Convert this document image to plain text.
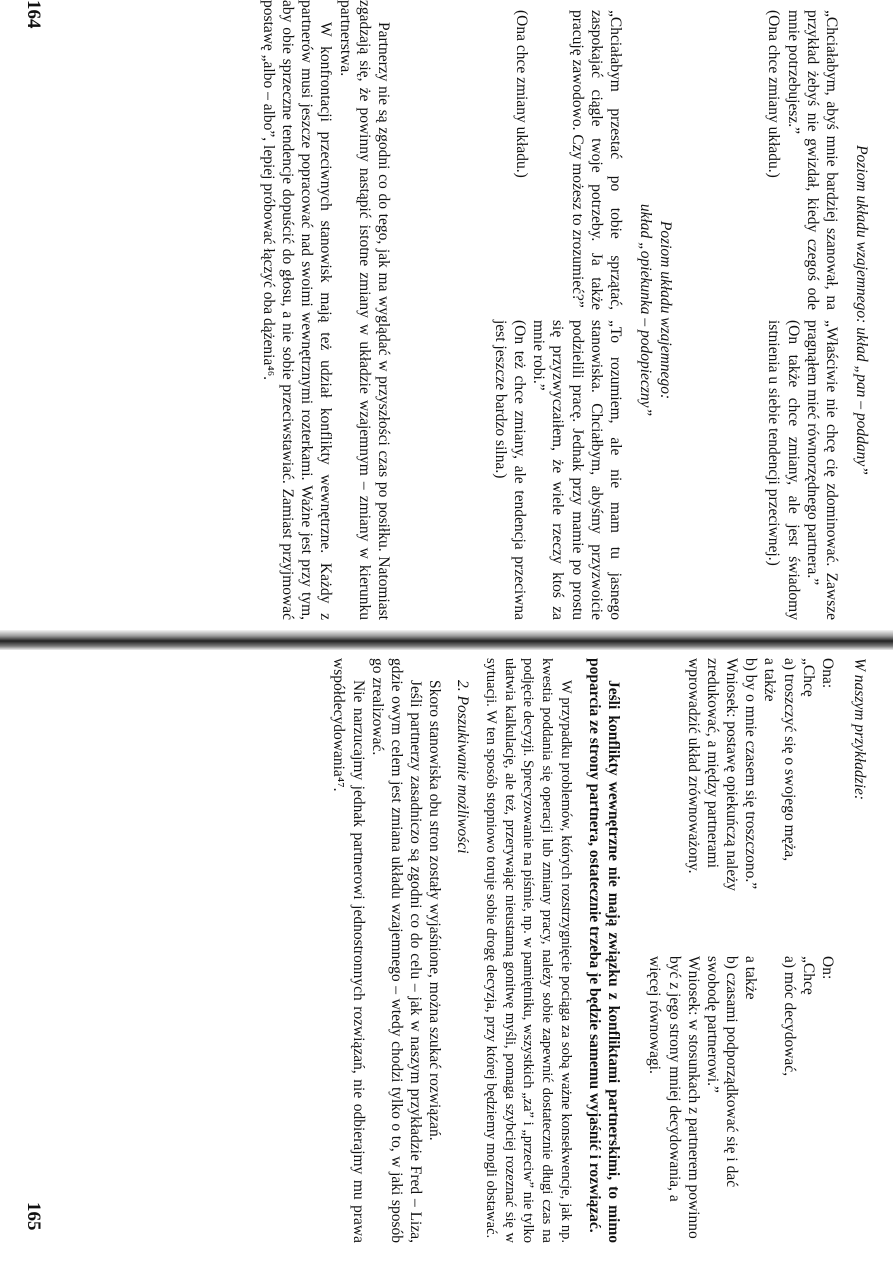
Poziom układu wzajemnego: układ „pan – poddany”

„Chciałabym, abyś mnie bardziej szanował, na przykład żebyś nie gwizdał, kiedy czegoś ode mnie potrzebujesz.”

(Ona chce zmiany układu.)

„Właściwie nie chcę cię zdominować. Zawsze pragnąłem mieć równorzędnego partnera.”

(On także chce zmiany, ale jest świadomy istnienia u siebie tendencji przeciwnej.)

Poziom układu wzajemnego:
układ „opiekunka – podopieczny”

„Chciałabym przestać po tobie sprzątać, zaspokajać ciągle twoje potrzeby. Ja także pracuję zawodowo. Czy możesz to zrozumieć?”

(Ona chce zmiany układu.)

„To rozumiem, ale nie mam tu jasnego stanowiska. Chciałbym, abyśmy przyzwoicie podzielili pracę. Jednak przy mamie po prostu się przyzwyczaiłem, że wiele rzeczy ktoś za mnie robi.”

(On też chce zmiany, ale tendencja przeciwna jest jeszcze bardzo silna.)

Partnerzy nie są zgodni co do tego, jak ma wyglądać w przyszłości czas po posiłku. Natomiast zgadzają się, że powinny nastąpić istotne zmiany w układzie wzajemnym – zmiany w kierunku partnerstwa.

W konfrontacji przeciwnych stanowisk mają też udział konflikty wewnętrzne. Każdy z partnerów musi jeszcze popracować nad swoimi wewnętrznymi rozterkami. Ważne jest przy tym, aby obie sprzeczne tendencje dopuścić do głosu, a nie sobie przeciwstawiać. Zamiast przyjmować postawę „albo – albo”, lepiej próbować łączyć oba dążenia⁴⁶.

164
W naszym przykładzie:

Ona:

„Chcę

a) troszczyć się o swojego męża,

a także

b) by o mnie czasem się troszczono.”

Wniosek: postawę opiekuńczą należy zredukować, a między partnerami wprowadzić układ zrównoważony.

On:

„Chcę

a) móc decydować,

a także

b) czasami podporządkować się i dać swobodę partnerowi.”

Wniosek: w stosunkach z partnerem powinno być z jego strony mniej decydowania, a więcej równowagi.

Jeśli konflikty wewnętrzne nie mają związku z konfliktami partnerskimi, to mimo poparcia ze strony partnera, ostatecznie trzeba je będzie samemu wyjaśnić i rozwiązać.

W przypadku problemów, których rozstrzygnięcie pociąga za sobą ważne konsekwencje, jak np. kwestia poddania się operacji lub zmiany pracy, należy sobie zapewnić dostatecznie długi czas na podjęcie decyzji. Sprecyzowanie na piśmie, np. w pamiętniku, wszystkich „za” i „przeciw” nie tylko ułatwia kalkulację, ale też, przerywając nieustanną gonitwę myśli, pomaga szybciej rozeznać się w sytuacji. W ten sposób stopniowo toruje sobie drogę decyzja, przy której będziemy mogli obstawać.

2. Poszukiwanie możliwości

Skoro stanowiska obu stron zostały wyjaśnione, można szukać rozwiązań.

Jeśli partnerzy zasadniczo są zgodni co do celu – jak w naszym przykładzie Fred – Liza, gdzie owym celem jest zmiana układu wzajemnego – wtedy chodzi tylko o to, w jaki sposób go zrealizować.

Nie narzucajmy jednak partnerowi jednostronnych rozwiązań, nie odbierajmy mu prawa współdecydowania⁴⁷.

165
